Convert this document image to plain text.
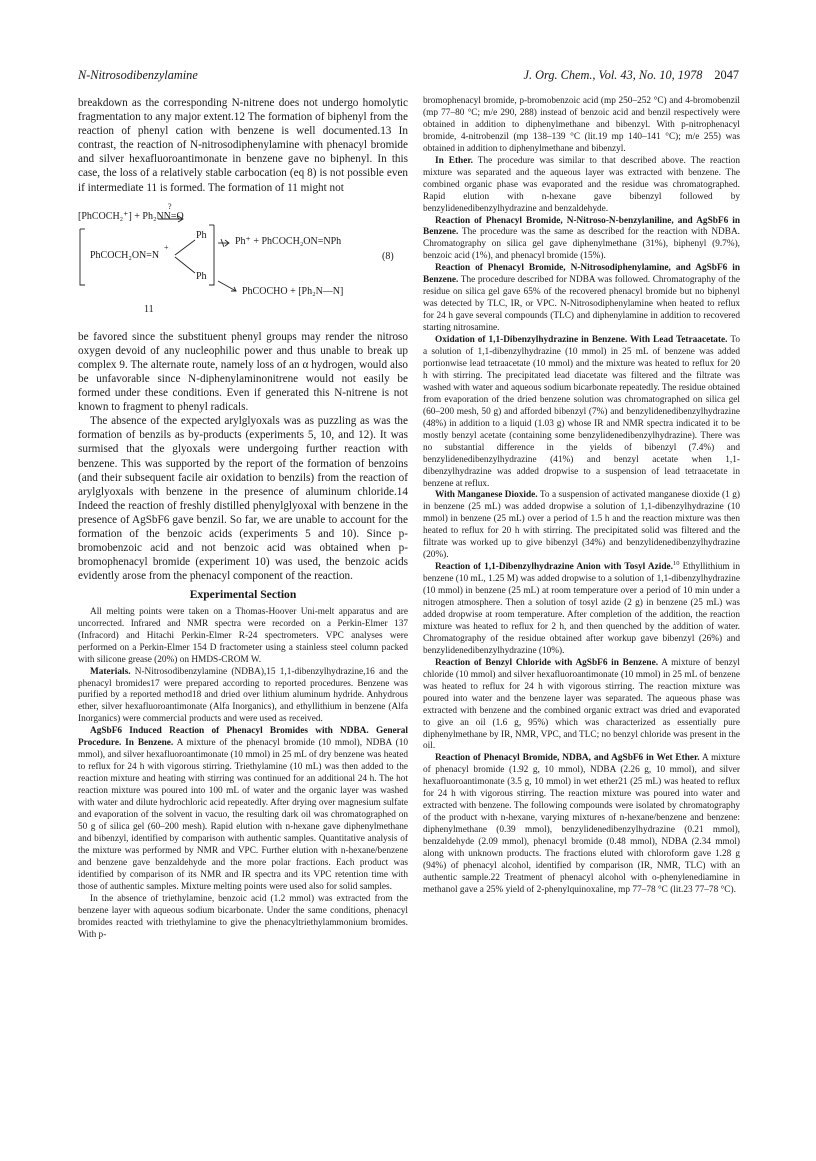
N-Nitrosodibenzylamine	J. Org. Chem., Vol. 43, No. 10, 1978 2047

breakdown as the corresponding N-nitrene does not undergo homolytic fragmentation to any major extent.12 The formation of biphenyl from the reaction of phenyl cation with benzene is well documented.13 In contrast, the reaction of N-nitrosodiphenylamine with phenacyl bromide and silver hexafluoroantimonate in benzene gave no biphenyl. In this case, the loss of a relatively stable carbocation (eq 8) is not possible even if intermediate 11 is formed. The formation of 11 might not

[PhCOCH₂⁺] + Ph₂NN=O
?
Ph
+
PhCOCH₂ON=N
Ph
Ph⁺ + PhCOCH₂ON=NPh
(8)
PhCOCHO + [Ph₂N—N]
11

be favored since the substituent phenyl groups may render the nitroso oxygen devoid of any nucleophilic power and thus unable to break up complex 9. The alternate route, namely loss of an α hydrogen, would also be unfavorable since N-diphenylaminonitrene would not easily be formed under these conditions. Even if generated this N-nitrene is not known to fragment to phenyl radicals.

The absence of the expected arylglyoxals was as puzzling as was the formation of benzils as by-products (experiments 5, 10, and 12). It was surmised that the glyoxals were undergoing further reaction with benzene. This was supported by the report of the formation of benzoins (and their subsequent facile air oxidation to benzils) from the reaction of arylglyoxals with benzene in the presence of aluminum chloride.14 Indeed the reaction of freshly distilled phenylglyoxal with benzene in the presence of AgSbF6 gave benzil. So far, we are unable to account for the formation of the benzoic acids (experiments 5 and 10). Since p-bromobenzoic acid and not benzoic acid was obtained when p-bromophenacyl bromide (experiment 10) was used, the benzoic acids evidently arose from the phenacyl component of the reaction.

Experimental Section

All melting points were taken on a Thomas-Hoover Uni-melt apparatus and are uncorrected. Infrared and NMR spectra were recorded on a Perkin-Elmer 137 (Infracord) and Hitachi Perkin-Elmer R-24 spectrometers. VPC analyses were performed on a Perkin-Elmer 154 D fractometer using a stainless steel column packed with silicone grease (20%) on HMDS-CROM W.

Materials. N-Nitrosodibenzylamine (NDBA),15 1,1-dibenzylhydrazine,16 and the phenacyl bromides17 were prepared according to reported procedures. Benzene was purified by a reported method18 and dried over lithium aluminum hydride. Anhydrous ether, silver hexafluoroantimonate (Alfa Inorganics), and ethyllithium in benzene (Alfa Inorganics) were commercial products and were used as received.

AgSbF6 Induced Reaction of Phenacyl Bromides with NDBA. General Procedure. In Benzene. A mixture of the phenacyl bromide (10 mmol), NDBA (10 mmol), and silver hexafluoroantimonate (10 mmol) in 25 mL of dry benzene was heated to reflux for 24 h with vigorous stirring. Triethylamine (10 mL) was then added to the reaction mixture and heating with stirring was continued for an additional 24 h. The hot reaction mixture was poured into 100 mL of water and the organic layer was washed with water and dilute hydrochloric acid repeatedly. After drying over magnesium sulfate and evaporation of the solvent in vacuo, the resulting dark oil was chromatographed on 50 g of silica gel (60–200 mesh). Rapid elution with n-hexane gave diphenylmethane and bibenzyl, identified by comparison with authentic samples. Quantitative analysis of the mixture was performed by NMR and VPC. Further elution with n-hexane/benzene and benzene gave benzaldehyde and the more polar fractions. Each product was identified by comparison of its NMR and IR spectra and its VPC retention time with those of authentic samples. Mixture melting points were used also for solid samples.

In the absence of triethylamine, benzoic acid (1.2 mmol) was extracted from the benzene layer with aqueous sodium bicarbonate. Under the same conditions, phenacyl bromides reacted with triethylamine to give the phenacyltriethylammonium bromides. With p-

bromophenacyl bromide, p-bromobenzoic acid (mp 250–252 °C) and 4-bromobenzil (mp 77–80 °C; m/e 290, 288) instead of benzoic acid and benzil respectively were obtained in addition to diphenylmethane and bibenzyl. With p-nitrophenacyl bromide, 4-nitrobenzil (mp 138–139 °C (lit.19 mp 140–141 °C); m/e 255) was obtained in addition to diphenylmethane and bibenzyl.

In Ether. The procedure was similar to that described above. The reaction mixture was separated and the aqueous layer was extracted with benzene. The combined organic phase was evaporated and the residue was chromatographed. Rapid elution with n-hexane gave bibenzyl followed by benzylidenedibenzylhydrazine and benzaldehyde.

Reaction of Phenacyl Bromide, N-Nitroso-N-benzylaniline, and AgSbF6 in Benzene. The procedure was the same as described for the reaction with NDBA. Chromatography on silica gel gave diphenylmethane (31%), biphenyl (9.7%), benzoic acid (1%), and phenacyl bromide (15%).

Reaction of Phenacyl Bromide, N-Nitrosodiphenylamine, and AgSbF6 in Benzene. The procedure described for NDBA was followed. Chromatography of the residue on silica gel gave 65% of the recovered phenacyl bromide but no biphenyl was detected by TLC, IR, or VPC. N-Nitrosodiphenylamine when heated to reflux for 24 h gave several compounds (TLC) and diphenylamine in addition to recovered starting nitrosamine.

Oxidation of 1,1-Dibenzylhydrazine in Benzene. With Lead Tetraacetate. To a solution of 1,1-dibenzylhydrazine (10 mmol) in 25 mL of benzene was added portionwise lead tetraacetate (10 mmol) and the mixture was heated to reflux for 20 h with stirring. The precipitated lead diacetate was filtered and the filtrate was washed with water and aqueous sodium bicarbonate repeatedly. The residue obtained from evaporation of the dried benzene solution was chromatographed on silica gel (60–200 mesh, 50 g) and afforded bibenzyl (7%) and benzylidenedibenzylhydrazine (48%) in addition to a liquid (1.03 g) whose IR and NMR spectra indicated it to be mostly benzyl acetate (containing some benzylidenedibenzylhydrazine). There was no substantial difference in the yields of bibenzyl (7.4%) and benzylidenedibenzylhydrazine (41%) and benzyl acetate when 1,1-dibenzylhydrazine was added dropwise to a suspension of lead tetraacetate in benzene at reflux.

With Manganese Dioxide. To a suspension of activated manganese dioxide (1 g) in benzene (25 mL) was added dropwise a solution of 1,1-dibenzylhydrazine (10 mmol) in benzene (25 mL) over a period of 1.5 h and the reaction mixture was then heated to reflux for 20 h with stirring. The precipitated solid was filtered and the filtrate was worked up to give bibenzyl (34%) and benzylidenedibenzylhydrazine (20%).

Reaction of 1,1-Dibenzylhydrazine Anion with Tosyl Azide.$^{10}$ Ethyllithium in benzene (10 mL, 1.25 M) was added dropwise to a solution of 1,1-dibenzylhydrazine (10 mmol) in benzene (25 mL) at room temperature over a period of 10 min under a nitrogen atmosphere. Then a solution of tosyl azide (2 g) in benzene (25 mL) was added dropwise at room temperature. After completion of the addition, the reaction mixture was heated to reflux for 2 h, and then quenched by the addition of water. Chromatography of the residue obtained after workup gave bibenzyl (26%) and benzylidenedibenzylhydrazine (10%).

Reaction of Benzyl Chloride with AgSbF6 in Benzene. A mixture of benzyl chloride (10 mmol) and silver hexafluoroantimonate (10 mmol) in 25 mL of benzene was heated to reflux for 24 h with vigorous stirring. The reaction mixture was poured into water and the benzene layer was separated. The aqueous phase was extracted with benzene and the combined organic extract was dried and evaporated to give an oil (1.6 g, 95%) which was characterized as essentially pure diphenylmethane by IR, NMR, VPC, and TLC; no benzyl chloride was present in the oil.

Reaction of Phenacyl Bromide, NDBA, and AgSbF6 in Wet Ether. A mixture of phenacyl bromide (1.92 g, 10 mmol), NDBA (2.26 g, 10 mmol), and silver hexafluoroantimonate (3.5 g, 10 mmol) in wet ether21 (25 mL) was heated to reflux for 24 h with vigorous stirring. The reaction mixture was poured into water and extracted with benzene. The following compounds were isolated by chromatography of the product with n-hexane, varying mixtures of n-hexane/benzene and benzene: diphenylmethane (0.39 mmol), benzylidenedibenzylhydrazine (0.21 mmol), benzaldehyde (2.09 mmol), phenacyl bromide (0.48 mmol), NDBA (2.34 mmol) along with unknown products. The fractions eluted with chloroform gave 1.28 g (94%) of phenacyl alcohol, identified by comparison (IR, NMR, TLC) with an authentic sample.22 Treatment of phenacyl alcohol with o-phenylenediamine in methanol gave a 25% yield of 2-phenylquinoxaline, mp 77–78 °C (lit.23 77–78 °C).
